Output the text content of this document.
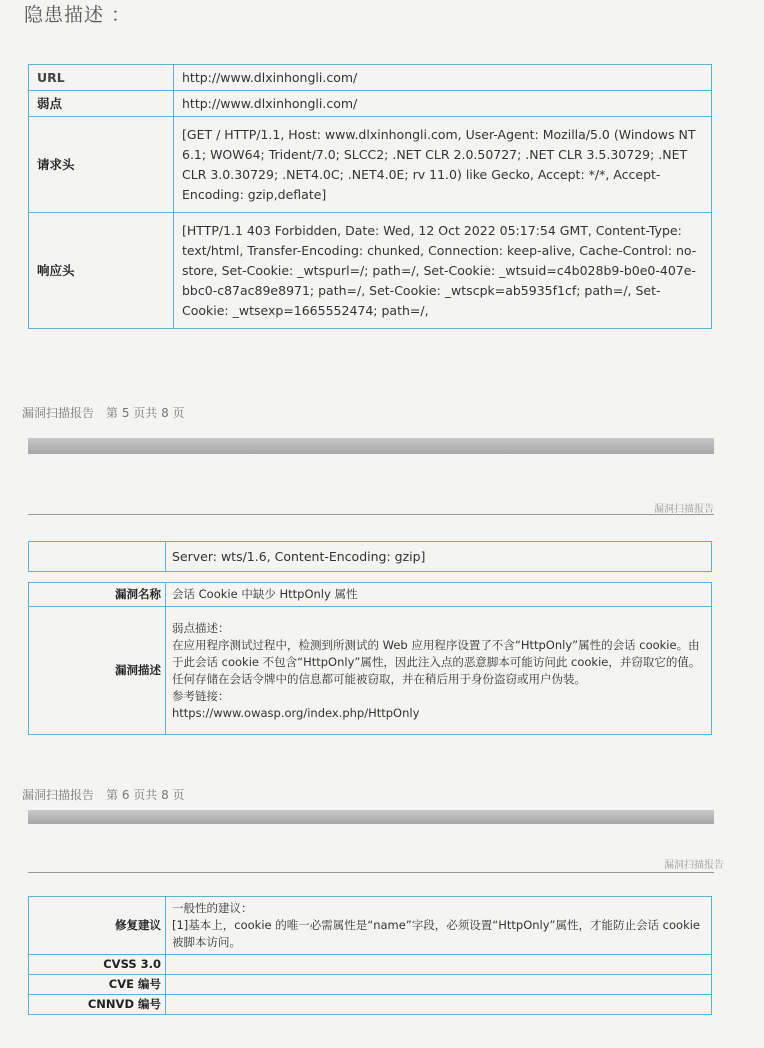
隐患描述 ：
URL	http://www.dlxinhongli.com/
弱点	http://www.dlxinhongli.com/
请求头	[GET / HTTP/1.1, Host: www.dlxinhongli.com, User-Agent: Mozilla/5.0 (Windows NT 6.1; WOW64; Trident/7.0; SLCC2; .NET CLR 2.0.50727; .NET CLR 3.5.30729; .NET CLR 3.0.30729; .NET4.0C; .NET4.0E; rv 11.0) like Gecko, Accept: */*, Accept-Encoding: gzip,deflate]
响应头	[HTTP/1.1 403 Forbidden, Date: Wed, 12 Oct 2022 05:17:54 GMT, Content-Type: text/html, Transfer-Encoding: chunked, Connection: keep-alive, Cache-Control: no-store, Set-Cookie: _wtspurl=/; path=/, Set-Cookie: _wtsuid=c4b028b9-b0e0-407e-bbc0-c87ac89e8971; path=/, Set-Cookie: _wtscpk=ab5935f1cf; path=/, Set-Cookie: _wtsexp=1665552474; path=/,
漏洞扫描报告　第 5 页共 8 页
漏洞扫描报告
	Server: wts/1.6, Content-Encoding: gzip]
漏洞名称	会话 Cookie 中缺少 HttpOnly 属性
漏洞描述	弱点描述：
在应用程序测试过程中，检测到所测试的 Web 应用程序设置了不含“HttpOnly”属性的会话 cookie。由于此会话 cookie 不包含“HttpOnly”属性，因此注入点的恶意脚本可能访问此 cookie，并窃取它的值。任何存储在会话令牌中的信息都可能被窃取，并在稍后用于身份盗窃或用户伪装。
参考链接：
https://www.owasp.org/index.php/HttpOnly
漏洞扫描报告　第 6 页共 8 页
漏洞扫描报告
修复建议	一般性的建议：
[1]基本上，cookie 的唯一必需属性是“name”字段，必须设置“HttpOnly”属性，才能防止会话 cookie 被脚本访问。

CVSS 3.0	
CVE 编号	
CNNVD 编号	
